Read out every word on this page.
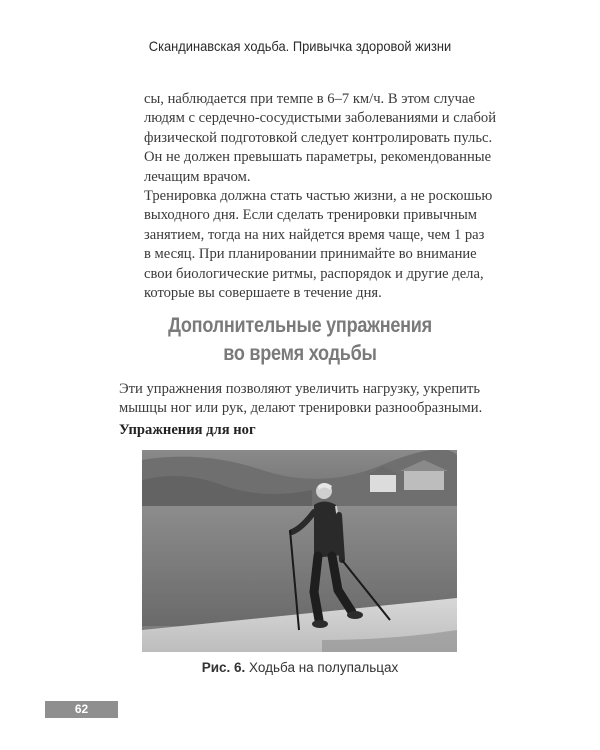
Скандинавская ходьба. Привычка здоровой жизни

сы, наблюдается при темпе в 6–7 км/ч. В этом случае
людям с сердечно-сосудистыми заболеваниями и слабой
физической подготовкой следует контролировать пульс.
Он не должен превышать параметры, рекомендованные
лечащим врачом.

Тренировка должна стать частью жизни, а не роскошью
выходного дня. Если сделать тренировки привычным
занятием, тогда на них найдется время чаще, чем 1 раз
в месяц. При планировании принимайте во внимание
свои биологические ритмы, распорядок и другие дела,
которые вы совершаете в течение дня.

Дополнительные упражнения
во время ходьбы

Эти упражнения позволяют увеличить нагрузку, укрепить
мышцы ног или рук, делают тренировки разнообразными.

Упражнения для ног
Рис. 6. Ходьба на полупальцах
62
